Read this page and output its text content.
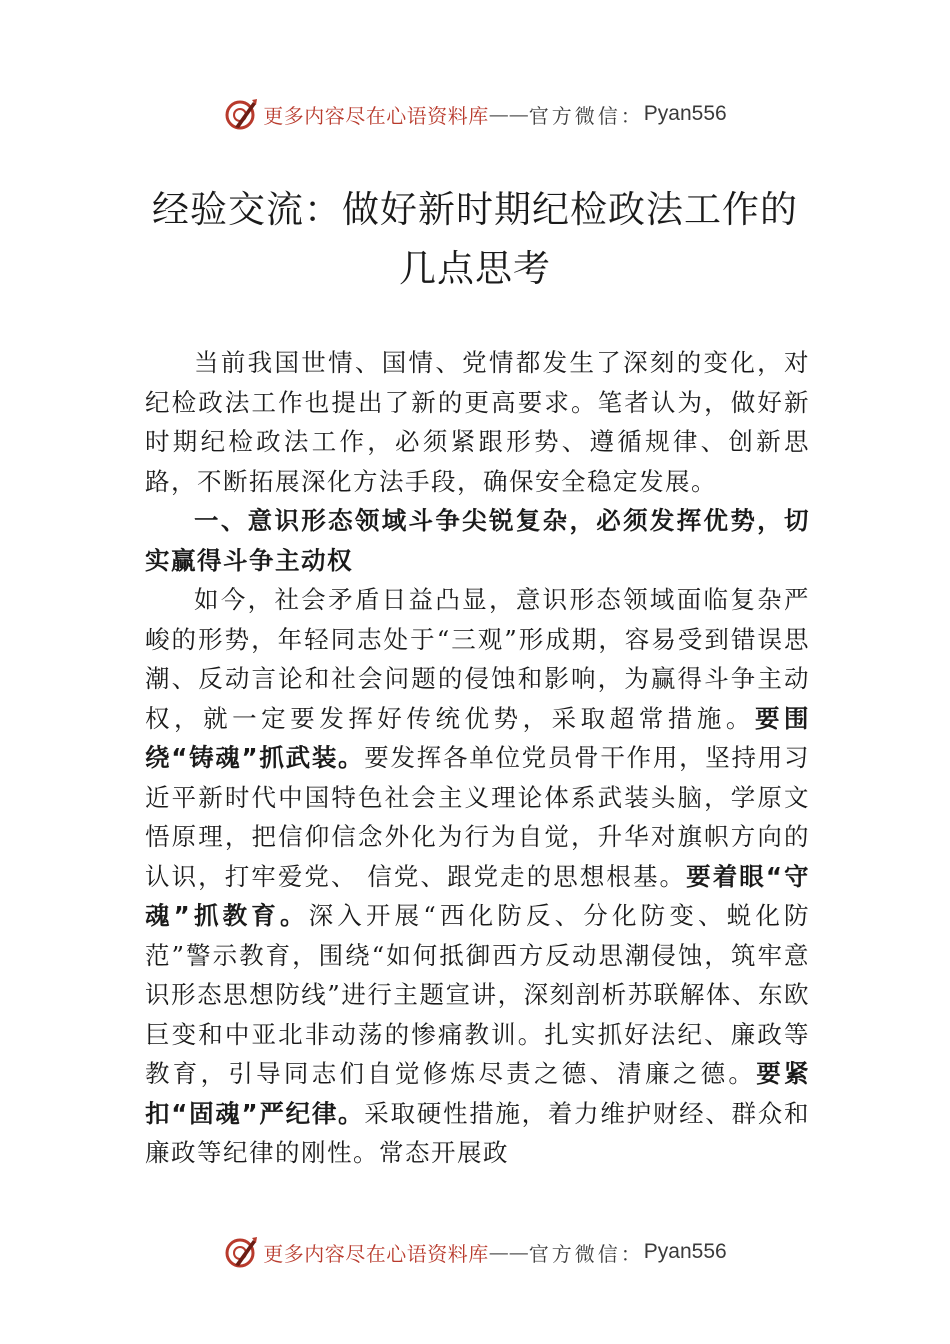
更多内容尽在心语资料库 —— 官方微信： Pyan556
经验交流：做好新时期纪检政法工作的几点思考

当前我国世情、国情、党情都发生了深刻的变化，对纪检政法工作也提出了新的更高要求。笔者认为，做好新时期纪检政法工作，必须紧跟形势、遵循规律、创新思路，不断拓展深化方法手段，确保安全稳定发展。

一、意识形态领域斗争尖锐复杂，必须发挥优势，切实赢得斗争主动权

如今，社会矛盾日益凸显，意识形态领域面临复杂严峻的形势，年轻同志处于“三观”形成期，容易受到错误思潮、反动言论和社会问题的侵蚀和影响，为赢得斗争主动权，就一定要发挥好传统优势，采取超常措施。要围绕“铸魂”抓武装。要发挥各单位党员骨干作用，坚持用习近平新时代中国特色社会主义理论体系武装头脑，学原文悟原理，把信仰信念外化为行为自觉，升华对旗帜方向的认识，打牢爱党、 信党、跟党走的思想根基。要着眼“守魂”抓教育。深入开展“西化防反、分化防变、蜕化防范”警示教育，围绕“如何抵御西方反动思潮侵蚀，筑牢意识形态思想防线”进行主题宣讲，深刻剖析苏联解体、东欧巨变和中亚北非动荡的惨痛教训。扎实抓好法纪、廉政等教育，引导同志们自觉修炼尽责之德、清廉之德。要紧扣“固魂”严纪律。采取硬性措施，着力维护财经、群众和廉政等纪律的刚性。常态开展政

更多内容尽在心语资料库 —— 官方微信： Pyan556
